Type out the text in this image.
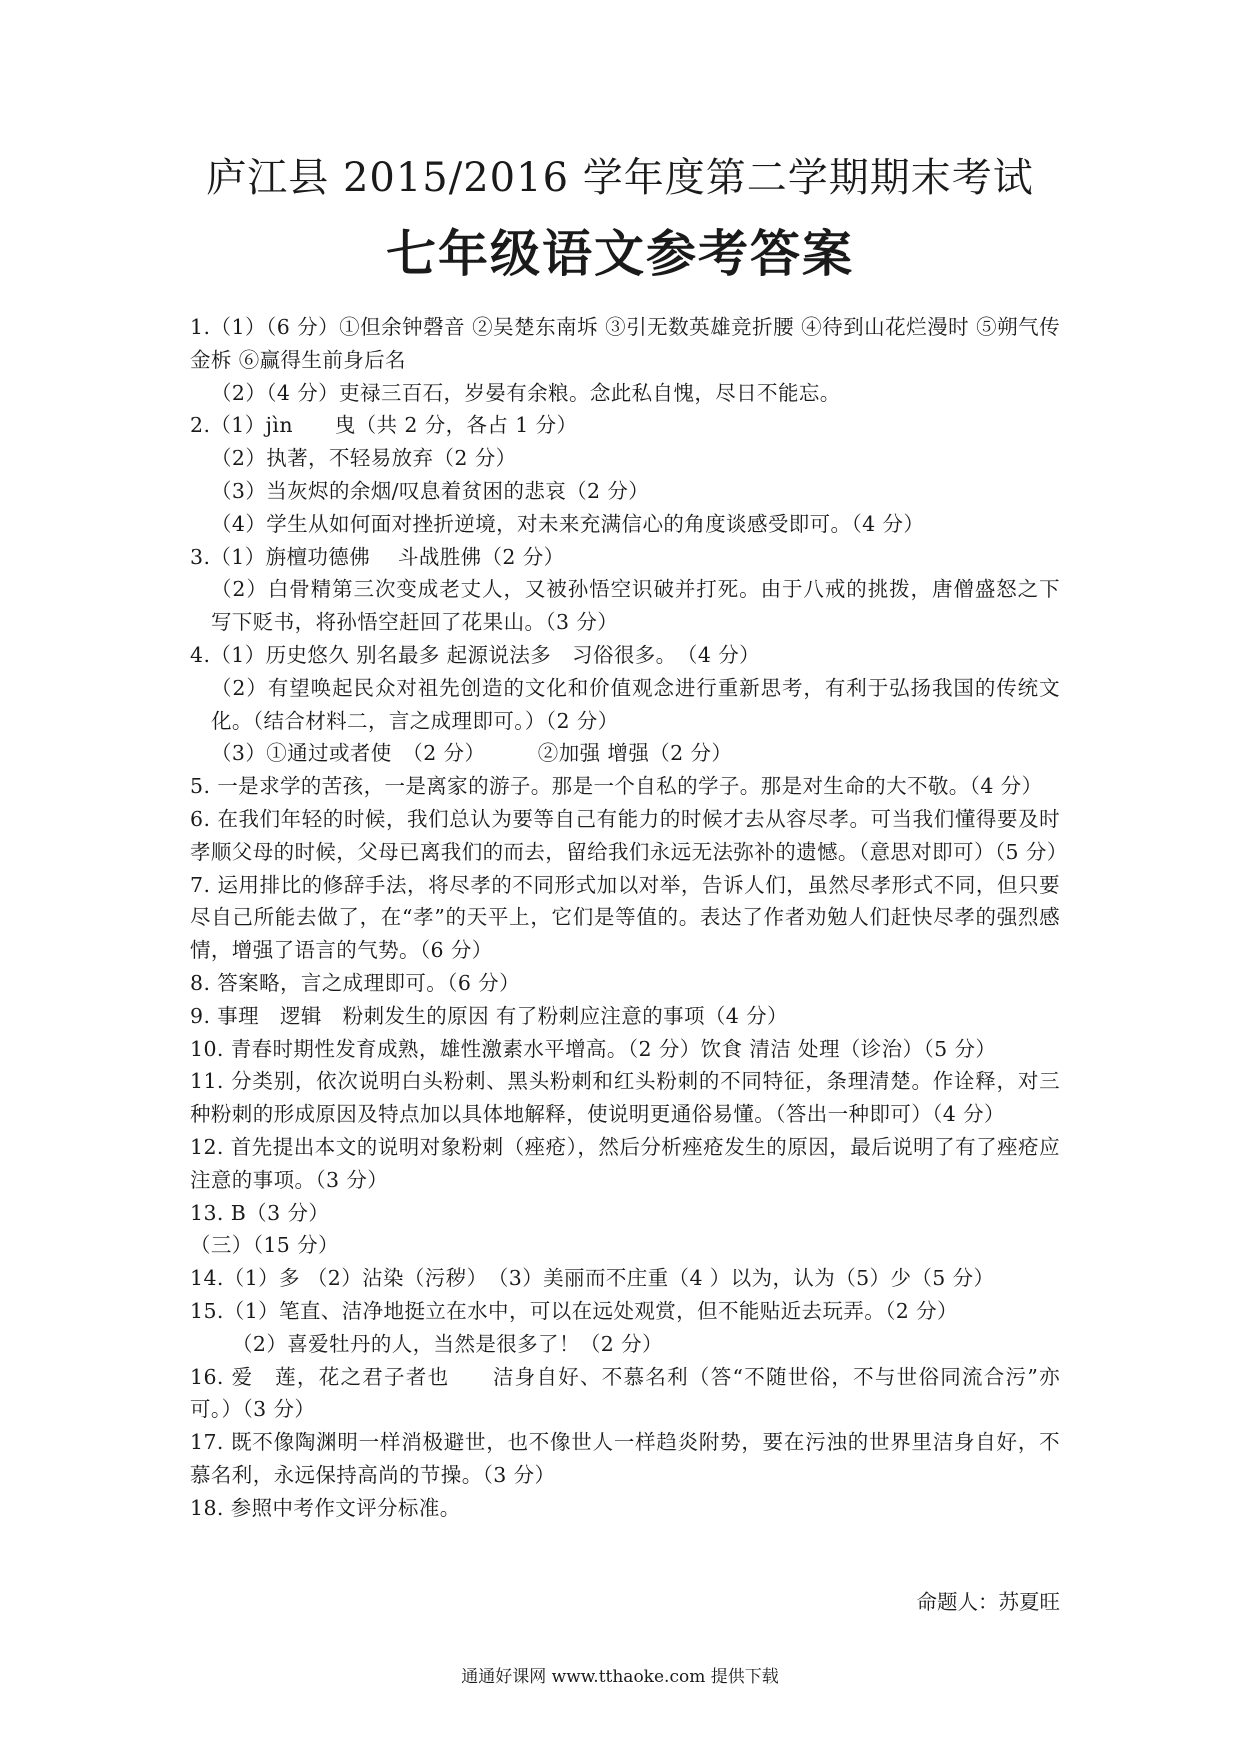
庐江县 2015/2016 学年度第二学期期末考试
七年级语文参考答案

1.（1）（6 分）①但余钟磬音 ②吴楚东南坼 ③引无数英雄竞折腰 ④待到山花烂漫时 ⑤朔气传金柝 ⑥赢得生前身后名

（2）（4 分）吏禄三百石，岁晏有余粮。念此私自愧，尽日不能忘。

2.（1）jìn　　曳（共 2 分，各占 1 分）

（2）执著，不轻易放弃（2 分）

（3）当灰烬的余烟/叹息着贫困的悲哀（2 分）

（4）学生从如何面对挫折逆境，对未来充满信心的角度谈感受即可。（4 分）

3.（1）旃檀功德佛　 斗战胜佛（2 分）

（2）白骨精第三次变成老丈人，又被孙悟空识破并打死。由于八戒的挑拨，唐僧盛怒之下写下贬书，将孙悟空赶回了花果山。（3 分）

4.（1）历史悠久 别名最多 起源说法多　习俗很多。　（4 分）

（2）有望唤起民众对祖先创造的文化和价值观念进行重新思考，有利于弘扬我国的传统文化。（结合材料二，言之成理即可。）（2 分）

（3）①通过或者使　（2 分）　　　②加强 增强（2 分）

5. 一是求学的苦孩，一是离家的游子。那是一个自私的学子。那是对生命的大不敬。（4 分）

6. 在我们年轻的时候，我们总认为要等自己有能力的时候才去从容尽孝。可当我们懂得要及时孝顺父母的时候，父母已离我们的而去，留给我们永远无法弥补的遗憾。（意思对即可）（5 分）

7. 运用排比的修辞手法，将尽孝的不同形式加以对举，告诉人们，虽然尽孝形式不同，但只要尽自己所能去做了，在“孝”的天平上，它们是等值的。表达了作者劝勉人们赶快尽孝的强烈感情，增强了语言的气势。（6 分）

8. 答案略，言之成理即可。（6 分）

9. 事理　逻辑　粉刺发生的原因 有了粉刺应注意的事项（4 分）

10. 青春时期性发育成熟，雄性激素水平增高。（2 分）饮食 清洁 处理（诊治）（5 分）

11. 分类别，依次说明白头粉刺、黑头粉刺和红头粉刺的不同特征，条理清楚。作诠释，对三种粉刺的形成原因及特点加以具体地解释，使说明更通俗易懂。（答出一种即可）（4 分）

12. 首先提出本文的说明对象粉刺（痤疮），然后分析痤疮发生的原因，最后说明了有了痤疮应注意的事项。（3 分）

13. B（3 分）

（三）（15 分）

14.（1）多 （2）沾染（污秽）　（3）美丽而不庄重（4 ）以为，认为（5）少（5 分）

15.（1）笔直、洁净地挺立在水中，可以在远处观赏，但不能贴近去玩弄。（2 分）

（2）喜爱牡丹的人，当然是很多了！（2 分）

16. 爱　莲，花之君子者也　　洁身自好、不慕名利（答“不随世俗，不与世俗同流合污”亦可。）（3 分）

17. 既不像陶渊明一样消极避世，也不像世人一样趋炎附势，要在污浊的世界里洁身自好，不慕名利，永远保持高尚的节操。（3 分）

18. 参照中考作文评分标准。

命题人：苏夏旺
通通好课网 www.tthaoke.com 提供下载
